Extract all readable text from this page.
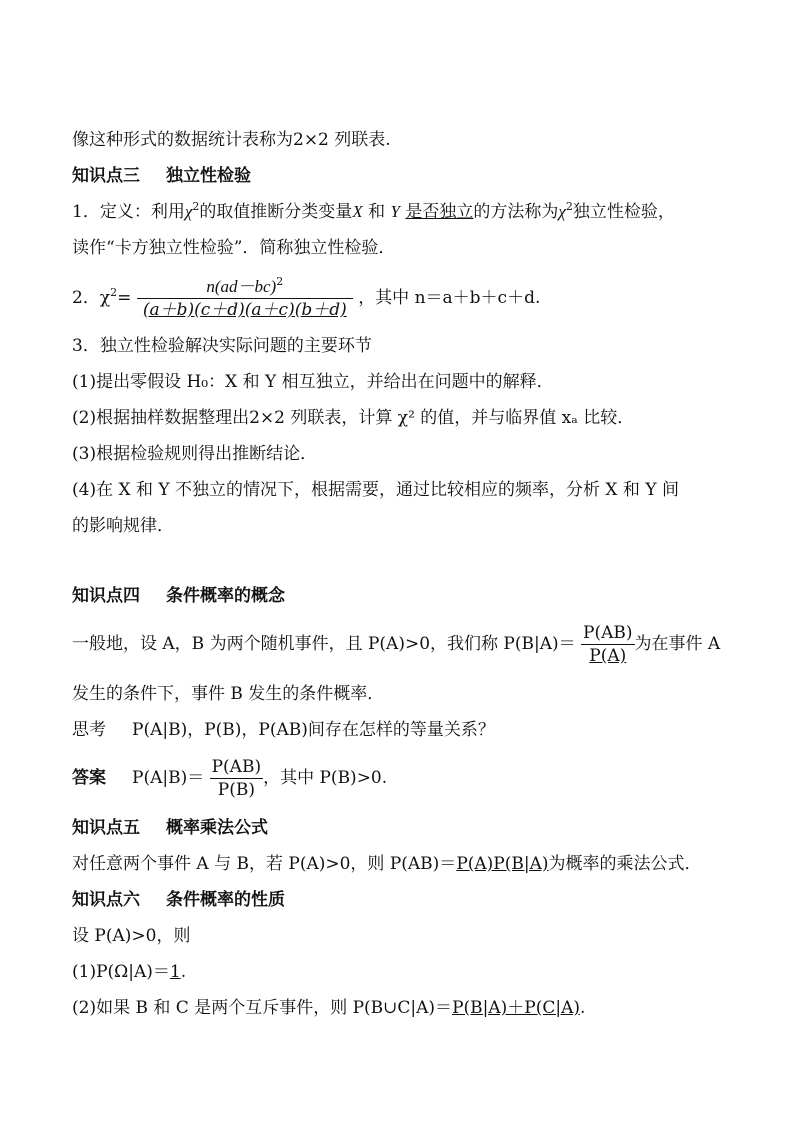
像这种形式的数据统计表称为2×2 列联表.
知识点三 独立性检验
1．定义：利用$\chi^2$的取值推断分类变量X 和 Y 是否独立的方法称为$\chi^2$独立性检验，
读作“卡方独立性检验”．简称独立性检验．
2．$\chi^2= \frac{n(ad-bc)^2}{(a+b)(c+d)(a+c)(b+d)}$ ，其中 n＝a＋b＋c＋d.
3．独立性检验解决实际问题的主要环节
(1)提出零假设 H₀：X 和 Y 相互独立，并给出在问题中的解释．
(2)根据抽样数据整理出2×2 列联表，计算 χ² 的值，并与临界值 xₐ 比较．
(3)根据检验规则得出推断结论．
(4)在 X 和 Y 不独立的情况下，根据需要，通过比较相应的频率，分析 X 和 Y 间
的影响规律．
知识点四 条件概率的概念
一般地，设 A，B 为两个随机事件，且 P(A)>0，我们称 $P(B|A)= \frac{P(AB)}{P(A)}$ 为在事件 A
发生的条件下，事件 B 发生的条件概率．
思考 P(A|B)，P(B)，P(AB)间存在怎样的等量关系？
答案 $P(A|B)= \frac{P(AB)}{P(B)}$ ，其中 P(B)>0.
知识点五 概率乘法公式
对任意两个事件 A 与 B，若 P(A)>0，则 P(AB)＝P(A)P(B|A)为概率的乘法公式．
知识点六 条件概率的性质
设 P(A)>0，则
(1)P(Ω|A)＝1.
(2)如果 B 和 C 是两个互斥事件，则 P(B∪C|A)＝P(B|A)＋P(C|A).
